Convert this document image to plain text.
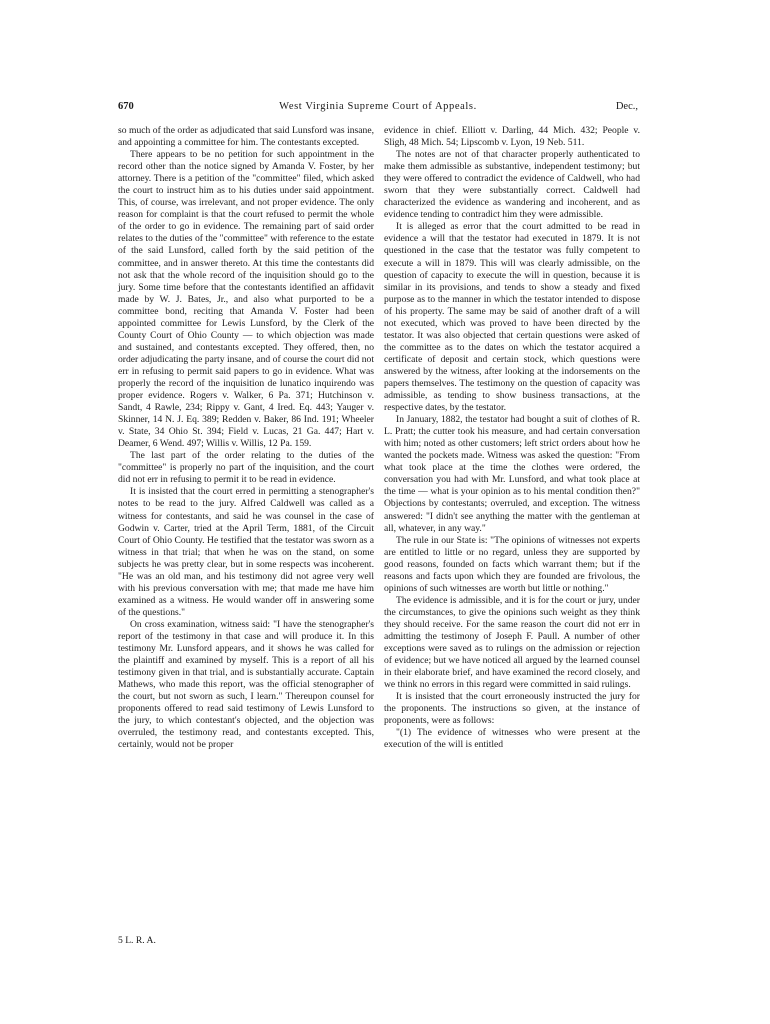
670	West Virginia Supreme Court of Appeals.	Dec.,

so much of the order as adjudicated that said Lunsford was insane, and appointing a committee for him. The contestants excepted.

There appears to be no petition for such appointment in the record other than the notice signed by Amanda V. Foster, by her attorney. There is a petition of the "committee" filed, which asked the court to instruct him as to his duties under said appointment. This, of course, was irrelevant, and not proper evidence. The only reason for complaint is that the court refused to permit the whole of the order to go in evidence. The remaining part of said order relates to the duties of the "committee" with reference to the estate of the said Lunsford, called forth by the said petition of the committee, and in answer thereto. At this time the contestants did not ask that the whole record of the inquisition should go to the jury. Some time before that the contestants identified an affidavit made by W. J. Bates, Jr., and also what purported to be a committee bond, reciting that Amanda V. Foster had been appointed committee for Lewis Lunsford, by the Clerk of the County Court of Ohio County — to which objection was made and sustained, and contestants excepted. They offered, then, no order adjudicating the party insane, and of course the court did not err in refusing to permit said papers to go in evidence. What was properly the record of the inquisition de lunatico inquirendo was proper evidence. Rogers v. Walker, 6 Pa. 371; Hutchinson v. Sandt, 4 Rawle, 234; Rippy v. Gant, 4 Ired. Eq. 443; Yauger v. Skinner, 14 N. J. Eq. 389; Redden v. Baker, 86 Ind. 191; Wheeler v. State, 34 Ohio St. 394; Field v. Lucas, 21 Ga. 447; Hart v. Deamer, 6 Wend. 497; Willis v. Willis, 12 Pa. 159.

The last part of the order relating to the duties of the "committee" is properly no part of the inquisition, and the court did not err in refusing to permit it to be read in evidence.

It is insisted that the court erred in permitting a stenographer's notes to be read to the jury. Alfred Caldwell was called as a witness for contestants, and said he was counsel in the case of Godwin v. Carter, tried at the April Term, 1881, of the Circuit Court of Ohio County. He testified that the testator was sworn as a witness in that trial; that when he was on the stand, on some subjects he was pretty clear, but in some respects was incoherent. "He was an old man, and his testimony did not agree very well with his previous conversation with me; that made me have him examined as a witness. He would wander off in answering some of the questions."

On cross examination, witness said: "I have the stenographer's report of the testimony in that case and will produce it. In this testimony Mr. Lunsford appears, and it shows he was called for the plaintiff and examined by myself. This is a report of all his testimony given in that trial, and is substantially accurate. Captain Mathews, who made this report, was the official stenographer of the court, but not sworn as such, I learn." Thereupon counsel for proponents offered to read said testimony of Lewis Lunsford to the jury, to which contestant's objected, and the objection was overruled, the testimony read, and contestants excepted. This, certainly, would not be proper

evidence in chief. Elliott v. Darling, 44 Mich. 432; People v. Sligh, 48 Mich. 54; Lipscomb v. Lyon, 19 Neb. 511.

The notes are not of that character properly authenticated to make them admissible as substantive, independent testimony; but they were offered to contradict the evidence of Caldwell, who had sworn that they were substantially correct. Caldwell had characterized the evidence as wandering and incoherent, and as evidence tending to contradict him they were admissible.

It is alleged as error that the court admitted to be read in evidence a will that the testator had executed in 1879. It is not questioned in the case that the testator was fully competent to execute a will in 1879. This will was clearly admissible, on the question of capacity to execute the will in question, because it is similar in its provisions, and tends to show a steady and fixed purpose as to the manner in which the testator intended to dispose of his property. The same may be said of another draft of a will not executed, which was proved to have been directed by the testator. It was also objected that certain questions were asked of the committee as to the dates on which the testator acquired a certificate of deposit and certain stock, which questions were answered by the witness, after looking at the indorsements on the papers themselves. The testimony on the question of capacity was admissible, as tending to show business transactions, at the respective dates, by the testator.

In January, 1882, the testator had bought a suit of clothes of R. L. Pratt; the cutter took his measure, and had certain conversation with him; noted as other customers; left strict orders about how he wanted the pockets made. Witness was asked the question: "From what took place at the time the clothes were ordered, the conversation you had with Mr. Lunsford, and what took place at the time — what is your opinion as to his mental condition then?" Objections by contestants; overruled, and exception. The witness answered: "I didn't see anything the matter with the gentleman at all, whatever, in any way."

The rule in our State is: "The opinions of witnesses not experts are entitled to little or no regard, unless they are supported by good reasons, founded on facts which warrant them; but if the reasons and facts upon which they are founded are frivolous, the opinions of such witnesses are worth but little or nothing."

The evidence is admissible, and it is for the court or jury, under the circumstances, to give the opinions such weight as they think they should receive. For the same reason the court did not err in admitting the testimony of Joseph F. Paull. A number of other exceptions were saved as to rulings on the admission or rejection of evidence; but we have noticed all argued by the learned counsel in their elaborate brief, and have examined the record closely, and we think no errors in this regard were committed in said rulings.

It is insisted that the court erroneously instructed the jury for the proponents. The instructions so given, at the instance of proponents, were as follows:

"(1) The evidence of witnesses who were present at the execution of the will is entitled

5 L. R. A.
